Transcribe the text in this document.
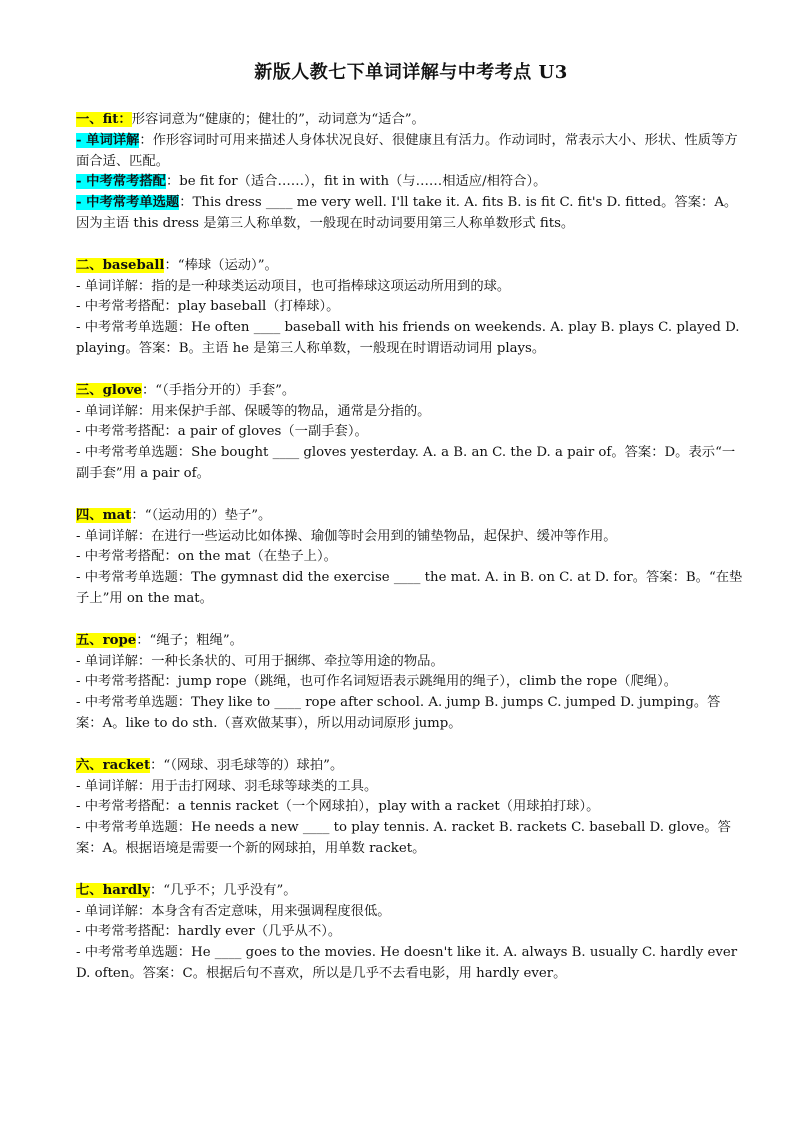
新版人教七下单词详解与中考考点 U3
一、fit：形容词意为“健康的；健壮的”，动词意为“适合”。
- 单词详解：作形容词时可用来描述人身体状况良好、很健康且有活力。作动词时，常表示大小、形状、性质等方面合适、匹配。
- 中考常考搭配：be fit for（适合……），fit in with（与……相适应/相符合）。
- 中考常考单选题：This dress ____ me very well. I'll take it. A. fits B. is fit C. fit's D. fitted。答案：A。因为主语 this dress 是第三人称单数，一般现在时动词要用第三人称单数形式 fits。
二、baseball：“棒球（运动）”。
- 单词详解：指的是一种球类运动项目，也可指棒球这项运动所用到的球。
- 中考常考搭配：play baseball（打棒球）。
- 中考常考单选题：He often ____ baseball with his friends on weekends. A. play B. plays C. played D. playing。答案：B。主语 he 是第三人称单数，一般现在时谓语动词用 plays。
三、glove：“（手指分开的）手套”。
- 单词详解：用来保护手部、保暖等的物品，通常是分指的。
- 中考常考搭配：a pair of gloves（一副手套）。
- 中考常考单选题：She bought ____ gloves yesterday. A. a B. an C. the D. a pair of。答案：D。表示“一副手套”用 a pair of。
四、mat：“（运动用的）垫子”。
- 单词详解：在进行一些运动比如体操、瑜伽等时会用到的铺垫物品，起保护、缓冲等作用。
- 中考常考搭配：on the mat（在垫子上）。
- 中考常考单选题：The gymnast did the exercise ____ the mat. A. in B. on C. at D. for。答案：B。“在垫子上”用 on the mat。
五、rope：“绳子；粗绳”。
- 单词详解：一种长条状的、可用于捆绑、牵拉等用途的物品。
- 中考常考搭配：jump rope（跳绳，也可作名词短语表示跳绳用的绳子），climb the rope（爬绳）。
- 中考常考单选题：They like to ____ rope after school. A. jump B. jumps C. jumped D. jumping。答案：A。like to do sth.（喜欢做某事），所以用动词原形 jump。
六、racket：“（网球、羽毛球等的）球拍”。
- 单词详解：用于击打网球、羽毛球等球类的工具。
- 中考常考搭配：a tennis racket（一个网球拍），play with a racket（用球拍打球）。
- 中考常考单选题：He needs a new ____ to play tennis. A. racket B. rackets C. baseball D. glove。答案：A。根据语境是需要一个新的网球拍，用单数 racket。
七、hardly：“几乎不；几乎没有”。
- 单词详解：本身含有否定意味，用来强调程度很低。
- 中考常考搭配：hardly ever（几乎从不）。
- 中考常考单选题：He ____ goes to the movies. He doesn't like it. A. always B. usually C. hardly ever D. often。答案：C。根据后句不喜欢，所以是几乎不去看电影，用 hardly ever。
